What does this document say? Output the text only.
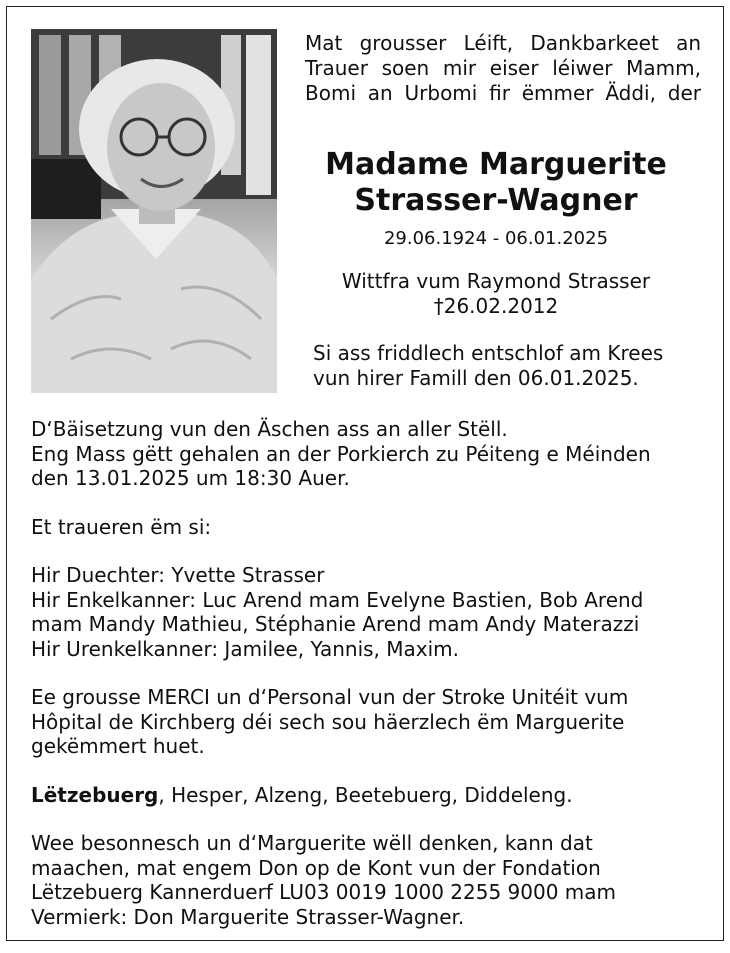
Mat grousser Léift, Dankbarkeet an
Trauer soen mir eiser léiwer Mamm,
Bomi an Urbomi fir ëmmer Äddi, der
Madame Marguerite
Strasser-Wagner
29.06.1924 - 06.01.2025
Wittfra vum Raymond Strasser
†26.02.2012
Si ass friddlech entschlof am Krees
vun hirer Famill den 06.01.2025.

D‘Bäisetzung vun den Äschen ass an aller Stëll.
Eng Mass gëtt gehalen an der Porkierch zu Péiteng e Méinden
den 13.01.2025 um 18:30 Auer.

Et traueren ëm si:

Hir Duechter: Yvette Strasser
Hir Enkelkanner: Luc Arend mam Evelyne Bastien, Bob Arend
mam Mandy Mathieu, Stéphanie Arend mam Andy Materazzi
Hir Urenkelkanner: Jamilee, Yannis, Maxim.

Ee grousse MERCI un d‘Personal vun der Stroke Unitéit vum
Hôpital de Kirchberg déi sech sou häerzlech ëm Marguerite
gekëmmert huet.

Lëtzebuerg, Hesper, Alzeng, Beetebuerg, Diddeleng.

Wee besonnesch un d‘Marguerite wëll denken, kann dat
maachen, mat engem Don op de Kont vun der Fondation
Lëtzebuerg Kannerduerf LU03 0019 1000 2255 9000 mam
Vermierk: Don Marguerite Strasser-Wagner.
